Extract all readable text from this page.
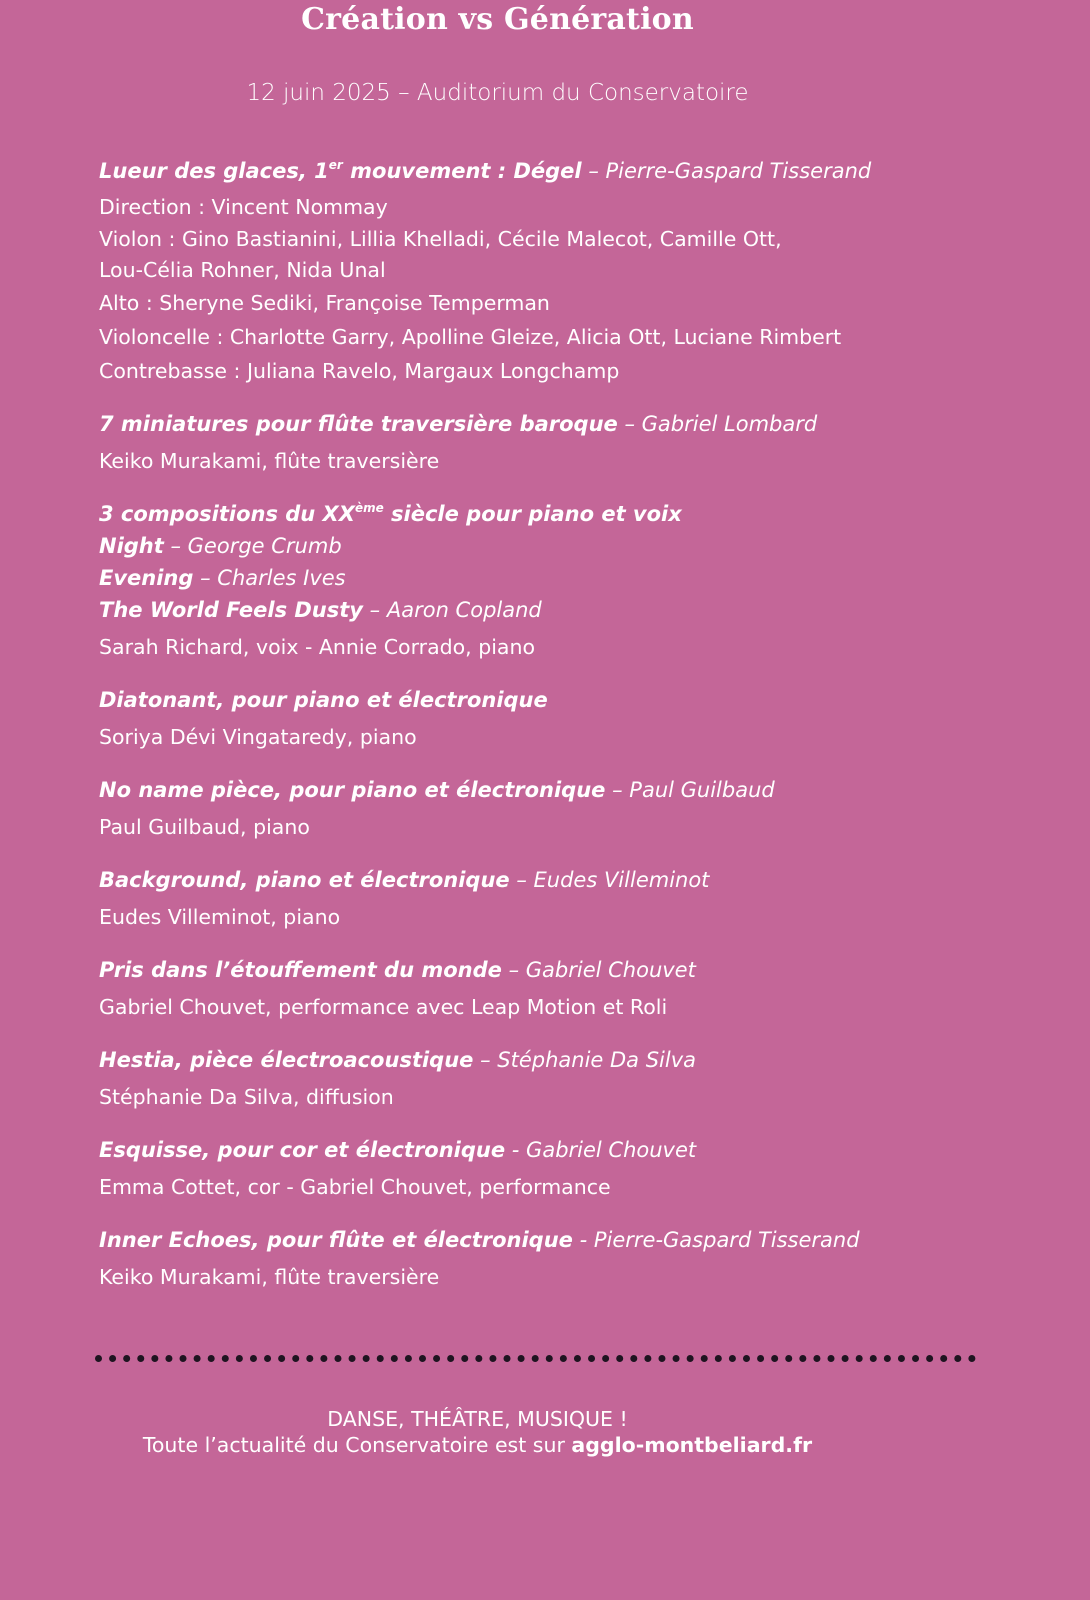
Création vs Génération
12 juin 2025 – Auditorium du Conservatoire
Lueur des glaces, 1er mouvement : Dégel – Pierre-Gaspard Tisserand
Direction : Vincent Nommay
Violon : Gino Bastianini, Lillia Khelladi, Cécile Malecot, Camille Ott,
Lou-Célia Rohner, Nida Unal
Alto : Sheryne Sediki, Françoise Temperman
Violoncelle : Charlotte Garry, Apolline Gleize, Alicia Ott, Luciane Rimbert
Contrebasse : Juliana Ravelo, Margaux Longchamp
7 miniatures pour flûte traversière baroque – Gabriel Lombard
Keiko Murakami, flûte traversière
3 compositions du XXème siècle pour piano et voix
Night – George Crumb
Evening – Charles Ives
The World Feels Dusty – Aaron Copland
Sarah Richard, voix - Annie Corrado, piano
Diatonant, pour piano et électronique
Soriya Dévi Vingataredy, piano
No name pièce, pour piano et électronique – Paul Guilbaud
Paul Guilbaud, piano
Background, piano et électronique – Eudes Villeminot
Eudes Villeminot, piano
Pris dans l’étouffement du monde – Gabriel Chouvet
Gabriel Chouvet, performance avec Leap Motion et Roli
Hestia, pièce électroacoustique – Stéphanie Da Silva
Stéphanie Da Silva, diffusion
Esquisse, pour cor et électronique - Gabriel Chouvet
Emma Cottet, cor - Gabriel Chouvet, performance
Inner Echoes, pour flûte et électronique - Pierre-Gaspard Tisserand
Keiko Murakami, flûte traversière
DANSE, THÉÂTRE, MUSIQUE !
Toute l’actualité du Conservatoire est sur agglo-montbeliard.fr
